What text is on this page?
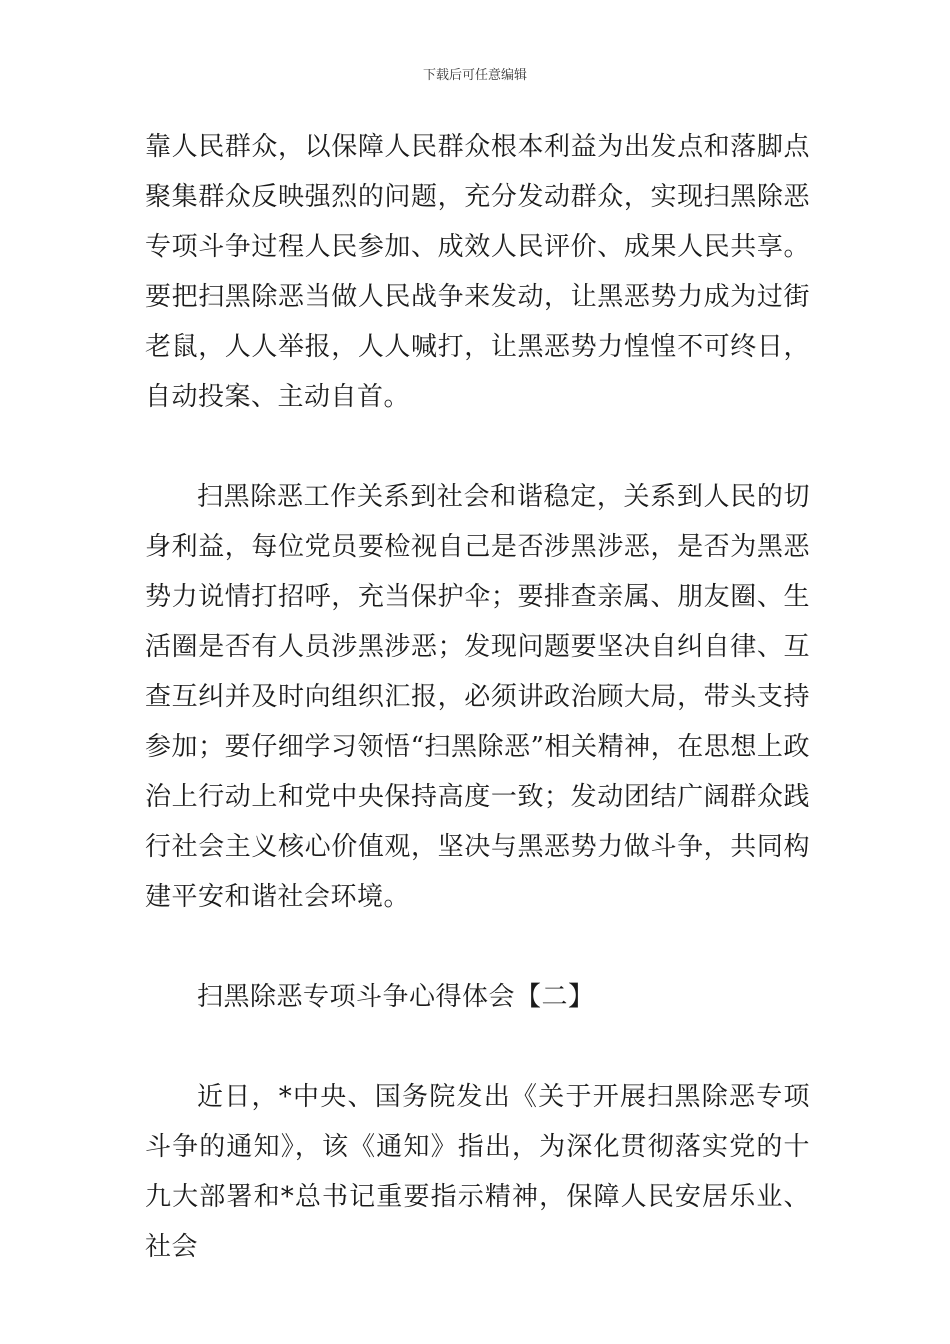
下载后可任意编辑

靠人民群众，以保障人民群众根本利益为出发点和落脚点聚集群众反映强烈的问题，充分发动群众，实现扫黑除恶专项斗争过程人民参加、成效人民评价、成果人民共享。要把扫黑除恶当做人民战争来发动，让黑恶势力成为过街老鼠，人人举报，人人喊打，让黑恶势力惶惶不可终日，自动投案、主动自首。

扫黑除恶工作关系到社会和谐稳定，关系到人民的切身利益，每位党员要检视自己是否涉黑涉恶，是否为黑恶势力说情打招呼，充当保护伞；要排查亲属、朋友圈、生活圈是否有人员涉黑涉恶；发现问题要坚决自纠自律、互查互纠并及时向组织汇报，必须讲政治顾大局，带头支持参加；要仔细学习领悟“扫黑除恶”相关精神，在思想上政治上行动上和党中央保持高度一致；发动团结广阔群众践行社会主义核心价值观，坚决与黑恶势力做斗争，共同构建平安和谐社会环境。

扫黑除恶专项斗争心得体会【二】

近日，*中央、国务院发出《关于开展扫黑除恶专项斗争的通知》，该《通知》指出，为深化贯彻落实党的十九大部署和*总书记重要指示精神，保障人民安居乐业、社会
